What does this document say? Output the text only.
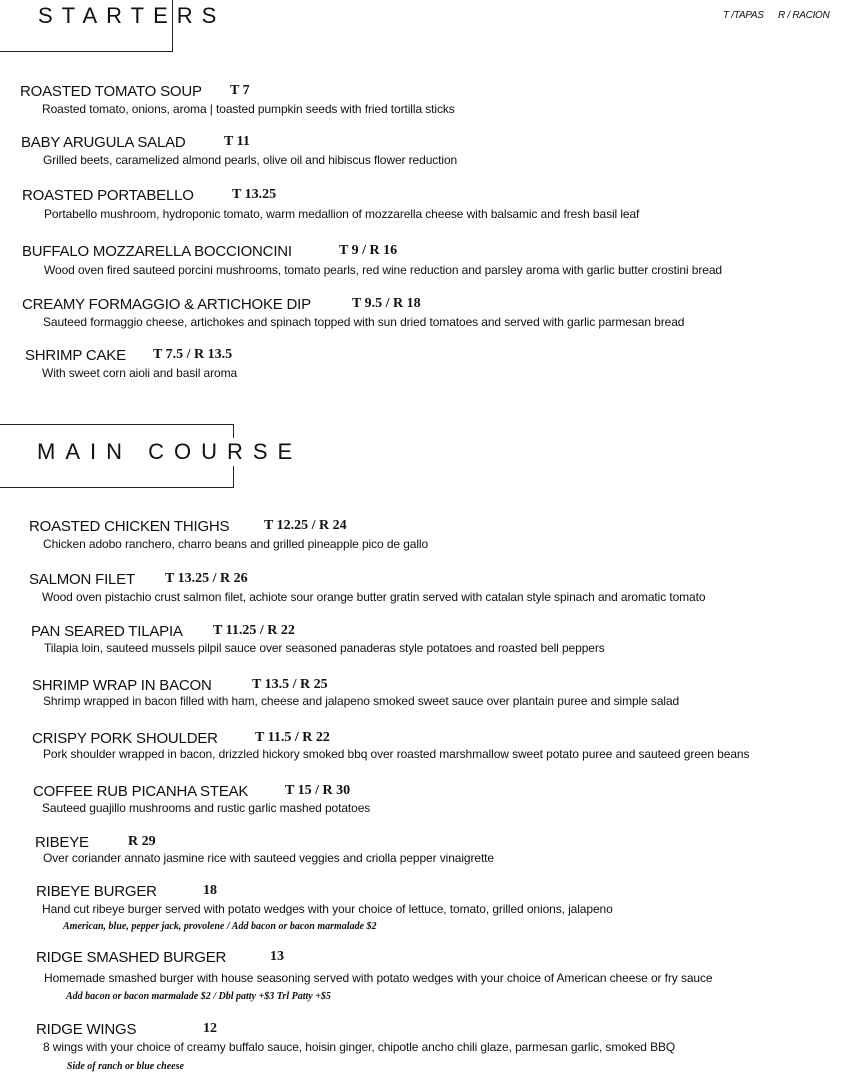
STARTERS	T /TAPAS R / RACION
ROASTED TOMATO SOUP T 7
Roasted tomato, onions, aroma | toasted pumpkin seeds with fried tortilla sticks
BABY ARUGULA SALAD	T 11
Grilled beets, caramelized almond pearls, olive oil and hibiscus flower reduction
ROASTED PORTABELLO	T 13.25
Portabello mushroom, hydroponic tomato, warm medallion of mozzarella cheese with balsamic and fresh basil leaf
BUFFALO MOZZARELLA BOCCIONCINI	T 9 / R 16
Wood oven fired sauteed porcini mushrooms, tomato pearls, red wine reduction and parsley aroma with garlic butter crostini bread
CREAMY FORMAGGIO & ARTICHOKE DIP	T 9.5 / R 18
Sauteed formaggio cheese, artichokes and spinach topped with sun dried tomatoes and served with garlic parmesan bread
SHRIMP CAKE T 7.5 / R 13.5
With sweet corn aioli and basil aroma
MAIN COURSE
ROASTED CHICKEN THIGHS T 12.25 / R 24
Chicken adobo ranchero, charro beans and grilled pineapple pico de gallo
SALMON FILET T 13.25 / R 26
Wood oven pistachio crust salmon filet, achiote sour orange butter gratin served with catalan style spinach and aromatic tomato
PAN SEARED TILAPIA T 11.25 / R 22
Tilapia loin, sauteed mussels pilpil sauce over seasoned panaderas style potatoes and roasted bell peppers
SHRIMP WRAP IN BACON	T 13.5 / R 25
Shrimp wrapped in bacon filled with ham, cheese and jalapeno smoked sweet sauce over plantain puree and simple salad
CRISPY PORK SHOULDER	T 11.5 / R 22
Pork shoulder wrapped in bacon, drizzled hickory smoked bbq over roasted marshmallow sweet potato puree and sauteed green beans
COFFEE RUB PICANHA STEAK	T 15 / R 30
Sauteed guajillo mushrooms and rustic garlic mashed potatoes
RIBEYE	R 29
Over coriander annato jasmine rice with sauteed veggies and criolla pepper vinaigrette
RIBEYE BURGER	18
Hand cut ribeye burger served with potato wedges with your choice of lettuce, tomato, grilled onions, jalapeno
American, blue, pepper jack, provolene / Add bacon or bacon marmalade $2
RIDGE SMASHED BURGER	13
Homemade smashed burger with house seasoning served with potato wedges with your choice of American cheese or fry sauce
Add bacon or bacon marmalade $2 / Dbl patty +$3 Trl Patty +$5
RIDGE WINGS	12
8 wings with your choice of creamy buffalo sauce, hoisin ginger, chipotle ancho chili glaze, parmesan garlic, smoked BBQ
Side of ranch or blue cheese
